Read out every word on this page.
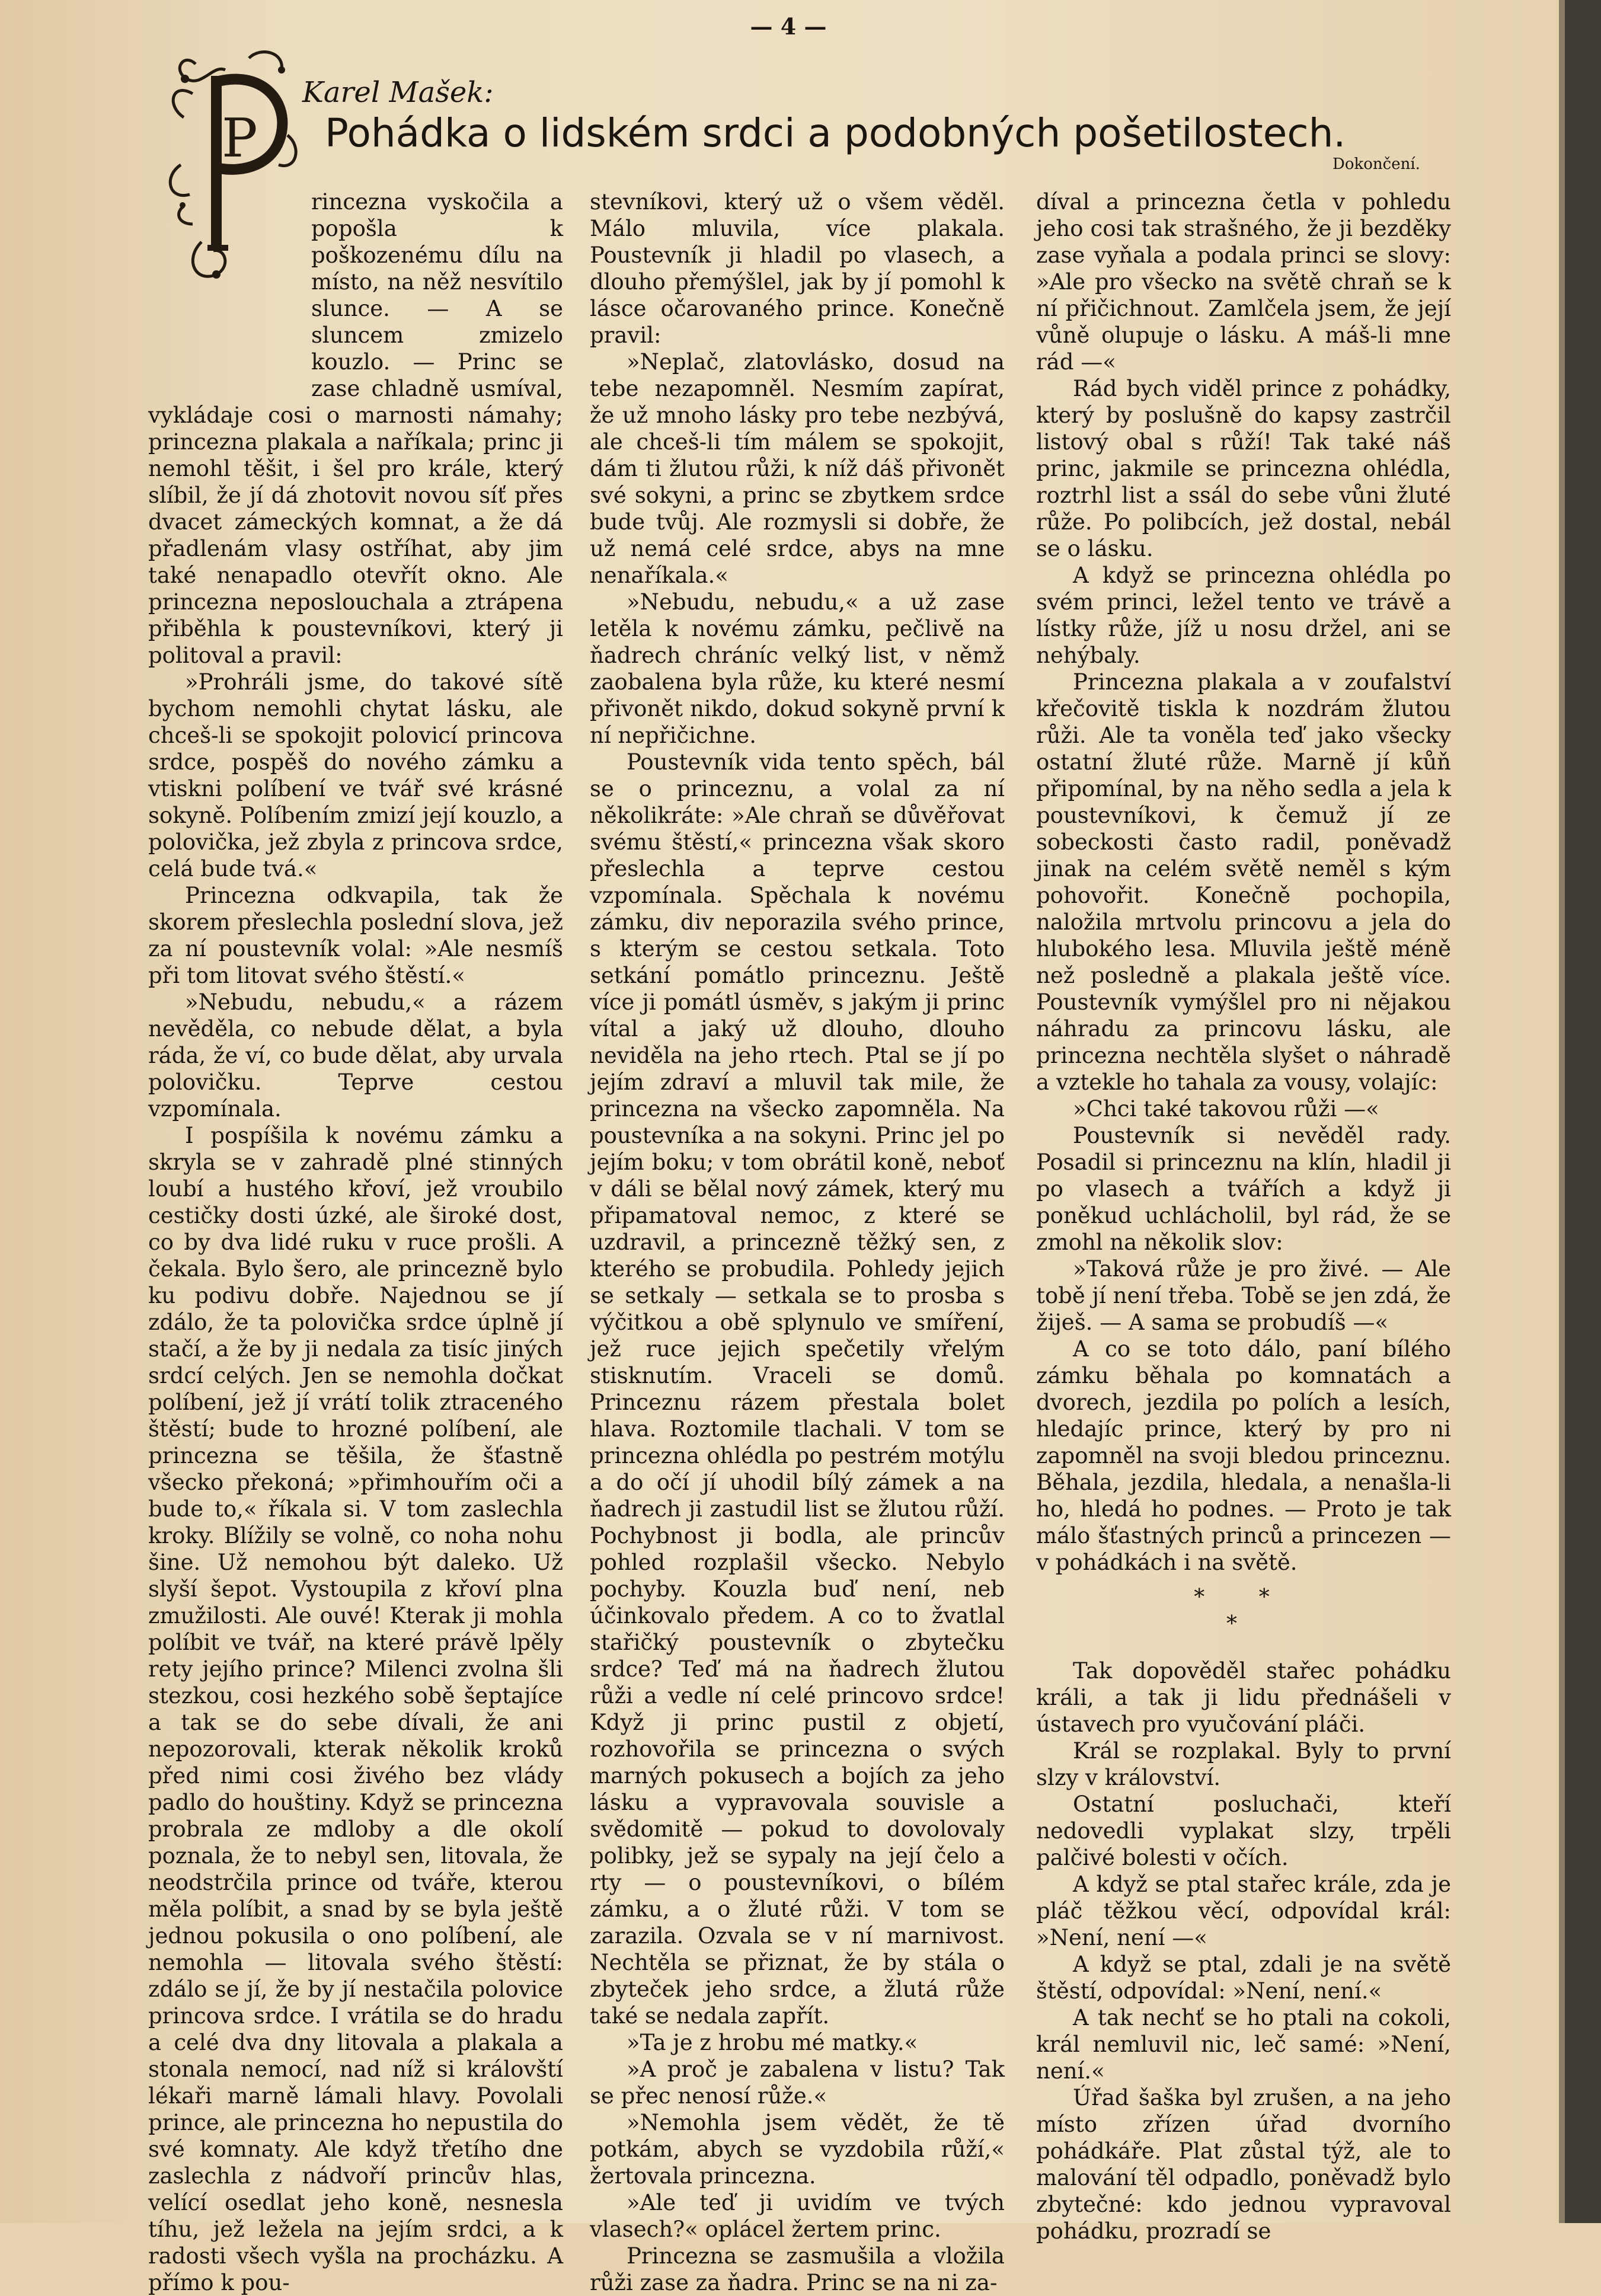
— 4 —
P
Karel Mašek:
Pohádka o lidském srdci a podobných pošetilostech.
Dokončení.

rincezna vyskočila a popošla k poškozenému dílu na místo, na něž nesvítilo slunce. — A se sluncem zmizelo kouzlo. — Princ se zase chladně usmíval, vykládaje cosi o marnosti námahy; princezna plakala a naříkala; princ ji nemohl těšit, i šel pro krále, který slíbil, že jí dá zhotovit novou síť přes dvacet zámeckých komnat, a že dá přadlenám vlasy ostříhat, aby jim také nenapadlo otevřít okno. Ale princezna neposlouchala a ztrápena přiběhla k poustevníkovi, který ji politoval a pravil:

»Prohráli jsme, do takové sítě bychom nemohli chytat lásku, ale chceš-li se spokojit polovicí princova srdce, pospěš do nového zámku a vtiskni políbení ve tvář své krásné sokyně. Políbením zmizí její kouzlo, a polovička, jež zbyla z princova srdce, celá bude tvá.«

Princezna odkvapila, tak že skorem přeslechla poslední slova, jež za ní poustevník volal: »Ale nesmíš při tom litovat svého štěstí.«

»Nebudu, nebudu,« a rázem nevěděla, co nebude dělat, a byla ráda, že ví, co bude dělat, aby urvala polovičku. Teprve cestou vzpomínala.

I pospíšila k novému zámku a skryla se v zahradě plné stinných loubí a hustého křoví, jež vroubilo cestičky dosti úzké, ale široké dost, co by dva lidé ruku v ruce prošli. A čekala. Bylo šero, ale princezně bylo ku podivu dobře. Najednou se jí zdálo, že ta polovička srdce úplně jí stačí, a že by ji nedala za tisíc jiných srdcí celých. Jen se nemohla dočkat políbení, jež jí vrátí tolik ztraceného štěstí; bude to hrozné políbení, ale princezna se těšila, že šťastně všecko překoná; »přimhouřím oči a bude to,« říkala si. V tom zaslechla kroky. Blížily se volně, co noha nohu šine. Už nemohou být daleko. Už slyší šepot. Vystoupila z křoví plna zmužilosti. Ale ouvé! Kterak ji mohla políbit ve tvář, na které právě lpěly rety jejího prince? Milenci zvolna šli stezkou, cosi hezkého sobě šeptajíce a tak se do sebe dívali, že ani nepozorovali, kterak několik kroků před nimi cosi živého bez vlády padlo do houštiny. Když se princezna probrala ze mdloby a dle okolí poznala, že to nebyl sen, litovala, že neodstrčila prince od tváře, kterou měla políbit, a snad by se byla ještě jednou pokusila o ono políbení, ale nemohla — litovala svého štěstí: zdálo se jí, že by jí nestačila polovice princova srdce. I vrátila se do hradu a celé dva dny litovala a plakala a stonala nemocí, nad níž si královští lékaři marně lámali hlavy. Povolali prince, ale princezna ho nepustila do své komnaty. Ale když třetího dne zaslechla z nádvoří princův hlas, velící osedlat jeho koně, nesnesla tíhu, jež ležela na jejím srdci, a k radosti všech vyšla na procházku. A přímo k pou-

stevníkovi, který už o všem věděl. Málo mluvila, více plakala. Poustevník ji hladil po vlasech, a dlouho přemýšlel, jak by jí pomohl k lásce očarovaného prince. Konečně pravil:

»Neplač, zlatovlásko, dosud na tebe nezapomněl. Nesmím zapírat, že už mnoho lásky pro tebe nezbývá, ale chceš-li tím málem se spokojit, dám ti žlutou růži, k níž dáš přivonět své sokyni, a princ se zbytkem srdce bude tvůj. Ale rozmysli si dobře, že už nemá celé srdce, abys na mne nenaříkala.«

»Nebudu, nebudu,« a už zase letěla k novému zámku, pečlivě na ňadrech chráníc velký list, v němž zaobalena byla růže, ku které nesmí přivonět nikdo, dokud sokyně první k ní nepřičichne.

Poustevník vida tento spěch, bál se o princeznu, a volal za ní několikráte: »Ale chraň se důvěřovat svému štěstí,« princezna však skoro přeslechla a teprve cestou vzpomínala. Spěchala k novému zámku, div neporazila svého prince, s kterým se cestou setkala. Toto setkání pomátlo princeznu. Ještě více ji pomátl úsměv, s jakým ji princ vítal a jaký už dlouho, dlouho neviděla na jeho rtech. Ptal se jí po jejím zdraví a mluvil tak mile, že princezna na všecko zapomněla. Na poustevníka a na sokyni. Princ jel po jejím boku; v tom obrátil koně, neboť v dáli se bělal nový zámek, který mu připamatoval nemoc, z které se uzdravil, a princezně těžký sen, z kterého se probudila. Pohledy jejich se setkaly — setkala se to prosba s výčitkou a obě splynulo ve smíření, jež ruce jejich spečetily vřelým stisknutím. Vraceli se domů. Princeznu rázem přestala bolet hlava. Roztomile tlachali. V tom se princezna ohlédla po pestrém motýlu a do očí jí uhodil bílý zámek a na ňadrech ji zastudil list se žlutou růží. Pochybnost ji bodla, ale princův pohled rozplašil všecko. Nebylo pochyby. Kouzla buď není, neb účinkovalo předem. A co to žvatlal stařičký poustevník o zbytečku srdce? Teď má na ňadrech žlutou růži a vedle ní celé princovo srdce! Když ji princ pustil z objetí, rozhovořila se princezna o svých marných pokusech a bojích za jeho lásku a vypravovala souvisle a svědomitě — pokud to dovolovaly polibky, jež se sypaly na její čelo a rty — o poustevníkovi, o bílém zámku, a o žluté růži. V tom se zarazila. Ozvala se v ní marnivost. Nechtěla se přiznat, že by stála o zbyteček jeho srdce, a žlutá růže také se nedala zapřít.

»Ta je z hrobu mé matky.«

»A proč je zabalena v listu? Tak se přec nenosí růže.«

»Nemohla jsem vědět, že tě potkám, abych se vyzdobila růží,« žertovala princezna.

»Ale teď ji uvidím ve tvých vlasech?« oplácel žertem princ.

Princezna se zasmušila a vložila růži zase za ňadra. Princ se na ni za-

díval a princezna četla v pohledu jeho cosi tak strašného, že ji bezděky zase vyňala a podala princi se slovy: »Ale pro všecko na světě chraň se k ní přičichnout. Zamlčela jsem, že její vůně olupuje o lásku. A máš-li mne rád —«

Rád bych viděl prince z pohádky, který by poslušně do kapsy zastrčil listový obal s růží! Tak také náš princ, jakmile se princezna ohlédla, roztrhl list a ssál do sebe vůni žluté růže. Po polibcích, jež dostal, nebál se o lásku.

A když se princezna ohlédla po svém princi, ležel tento ve trávě a lístky růže, jíž u nosu držel, ani se nehýbaly.

Princezna plakala a v zoufalství křečovitě tiskla k nozdrám žlutou růži. Ale ta voněla teď jako všecky ostatní žluté růže. Marně jí kůň připomínal, by na něho sedla a jela k poustevníkovi, k čemuž jí ze sobeckosti často radil, poněvadž jinak na celém světě neměl s kým pohovořit. Konečně pochopila, naložila mrtvolu princovu a jela do hlubokého lesa. Mluvila ještě méně než posledně a plakala ještě více. Poustevník vymýšlel pro ni nějakou náhradu za princovu lásku, ale princezna nechtěla slyšet o náhradě a vztekle ho tahala za vousy, volajíc:

»Chci také takovou růži —«

Poustevník si nevěděl rady. Posadil si princeznu na klín, hladil ji po vlasech a tvářích a když ji poněkud uchlácholil, byl rád, že se zmohl na několik slov:

»Taková růže je pro živé. — Ale tobě jí není třeba. Tobě se jen zdá, že žiješ. — A sama se probudíš —«

A co se toto dálo, paní bílého zámku běhala po komnatách a dvorech, jezdila po polích a lesích, hledajíc prince, který by pro ni zapomněl na svoji bledou princeznu. Běhala, jezdila, hledala, a nenašla-li ho, hledá ho podnes. — Proto je tak málo šťastných princů a princezen — v pohádkách i na světě.

* *
*

Tak dopověděl stařec pohádku králi, a tak ji lidu přednášeli v ústavech pro vyučování pláči.

Král se rozplakal. Byly to první slzy v království.

Ostatní posluchači, kteří nedovedli vyplakat slzy, trpěli palčivé bolesti v očích.

A když se ptal stařec krále, zda je pláč těžkou věcí, odpovídal král: »Není, není —«

A když se ptal, zdali je na světě štěstí, odpovídal: »Není, není.«

A tak nechť se ho ptali na cokoli, král nemluvil nic, leč samé: »Není, není.«

Úřad šaška byl zrušen, a na jeho místo zřízen úřad dvorního pohádkáře. Plat zůstal týž, ale to malování těl odpadlo, poněvadž bylo zbytečné: kdo jednou vypravoval pohádku, prozradí se
